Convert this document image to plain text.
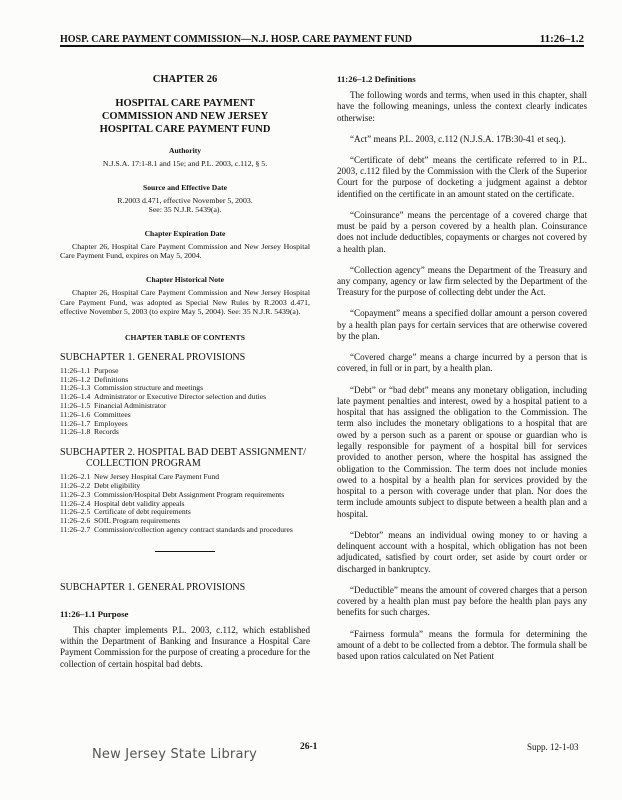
HOSP. CARE PAYMENT COMMISSION—N.J. HOSP. CARE PAYMENT FUND	11:26–1.2
CHAPTER 26
HOSPITAL CARE PAYMENT COMMISSION AND NEW JERSEY HOSPITAL CARE PAYMENT FUND
Authority
N.J.S.A. 17:1-8.1 and 15e; and P.L. 2003, c.112, § 5.
Source and Effective Date
R.2003 d.471, effective November 5, 2003.
See: 35 N.J.R. 5439(a).
Chapter Expiration Date
Chapter 26, Hospital Care Payment Commission and New Jersey Hospital Care Payment Fund, expires on May 5, 2004.
Chapter Historical Note
Chapter 26, Hospital Care Payment Commission and New Jersey Hospital Care Payment Fund, was adopted as Special New Rules by R.2003 d.471, effective November 5, 2003 (to expire May 5, 2004). See: 35 N.J.R. 5439(a).
CHAPTER TABLE OF CONTENTS
SUBCHAPTER 1. GENERAL PROVISIONS
11:26–1.1 Purpose
11:26–1.2 Definitions
11:26–1.3 Commission structure and meetings
11:26–1.4 Administrator or Executive Director selection and duties
11:26–1.5 Financial Administrator
11:26–1.6 Committees
11:26–1.7 Employees
11:26–1.8 Records
SUBCHAPTER 2. HOSPITAL BAD DEBT ASSIGNMENT/
COLLECTION PROGRAM
11:26–2.1 New Jersey Hospital Care Payment Fund
11:26–2.2 Debt eligibility
11:26–2.3 Commission/Hospital Debt Assignment Program requirements
11:26–2.4 Hospital debt validity appeals
11:26–2.5 Certificate of debt requirements
11:26–2.6 SOIL Program requirements
11:26–2.7 Commission/collection agency contract standards and procedures
SUBCHAPTER 1. GENERAL PROVISIONS
11:26–1.1 Purpose

This chapter implements P.L. 2003, c.112, which established within the Department of Banking and Insurance a Hospital Care Payment Commission for the purpose of creating a procedure for the collection of certain hospital bad debts.

11:26–1.2 Definitions

The following words and terms, when used in this chapter, shall have the following meanings, unless the context clearly indicates otherwise:

“Act” means P.L. 2003, c.112 (N.J.S.A. 17B:30-41 et seq.).

“Certificate of debt” means the certificate referred to in P.L. 2003, c.112 filed by the Commission with the Clerk of the Superior Court for the purpose of docketing a judgment against a debtor identified on the certificate in an amount stated on the certificate.

“Coinsurance” means the percentage of a covered charge that must be paid by a person covered by a health plan. Coinsurance does not include deductibles, copayments or charges not covered by a health plan.

“Collection agency” means the Department of the Treasury and any company, agency or law firm selected by the Department of the Treasury for the purpose of collecting debt under the Act.

“Copayment” means a specified dollar amount a person covered by a health plan pays for certain services that are otherwise covered by the plan.

“Covered charge” means a charge incurred by a person that is covered, in full or in part, by a health plan.

“Debt” or “bad debt” means any monetary obligation, including late payment penalties and interest, owed by a hospital patient to a hospital that has assigned the obligation to the Commission. The term also includes the monetary obligations to a hospital that are owed by a person such as a parent or spouse or guardian who is legally responsible for payment of a hospital bill for services provided to another person, where the hospital has assigned the obligation to the Commission. The term does not include monies owed to a hospital by a health plan for services provided by the hospital to a person with coverage under that plan. Nor does the term include amounts subject to dispute between a health plan and a hospital.

“Debtor” means an individual owing money to or having a delinquent account with a hospital, which obligation has not been adjudicated, satisfied by court order, set aside by court order or discharged in bankruptcy.

“Deductible” means the amount of covered charges that a person covered by a health plan must pay before the health plan pays any benefits for such charges.

“Fairness formula” means the formula for determining the amount of a debt to be collected from a debtor. The formula shall be based upon ratios calculated on Net Patient

26-1	Supp. 12-1-03
New Jersey State Library
